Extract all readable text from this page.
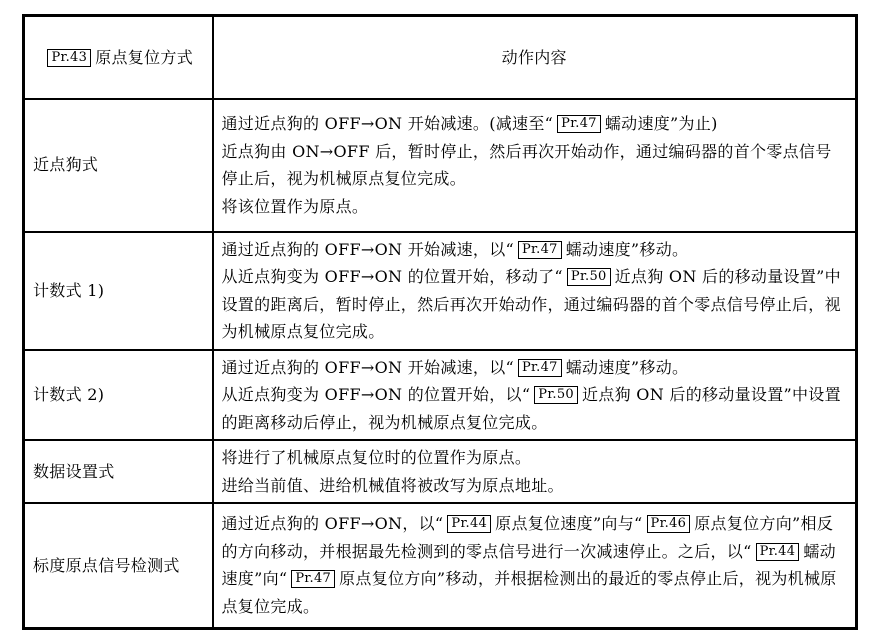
Pr.43 原点复位方式	动作内容
近点狗式	通过近点狗的 OFF→ON 开始减速。(减速至“ Pr.47 蠕动速度”为止)
近点狗由 ON→OFF 后，暂时停止，然后再次开始动作，通过编码器的首个零点信号停止后，视为机械原点复位完成。
将该位置作为原点。

计数式 1)	通过近点狗的 OFF→ON 开始减速，以“ Pr.47 蠕动速度”移动。
从近点狗变为 OFF→ON 的位置开始，移动了“ Pr.50 近点狗 ON 后的移动量设置”中设置的距离后，暂时停止，然后再次开始动作，通过编码器的首个零点信号停止后，视为机械原点复位完成。

计数式 2)	通过近点狗的 OFF→ON 开始减速，以“ Pr.47 蠕动速度”移动。
从近点狗变为 OFF→ON 的位置开始，以“ Pr.50 近点狗 ON 后的移动量设置”中设置的距离移动后停止，视为机械原点复位完成。

数据设置式	将进行了机械原点复位时的位置作为原点。
进给当前值、进给机械值将被改写为原点地址。

标度原点信号检测式	通过近点狗的 OFF→ON，以“ Pr.44 原点复位速度”向与“ Pr.46 原点复位方向”相反的方向移动，并根据最先检测到的零点信号进行一次减速停止。之后，以“ Pr.44 蠕动速度”向“ Pr.47 原点复位方向”移动，并根据检测出的最近的零点停止后，视为机械原点复位完成。
